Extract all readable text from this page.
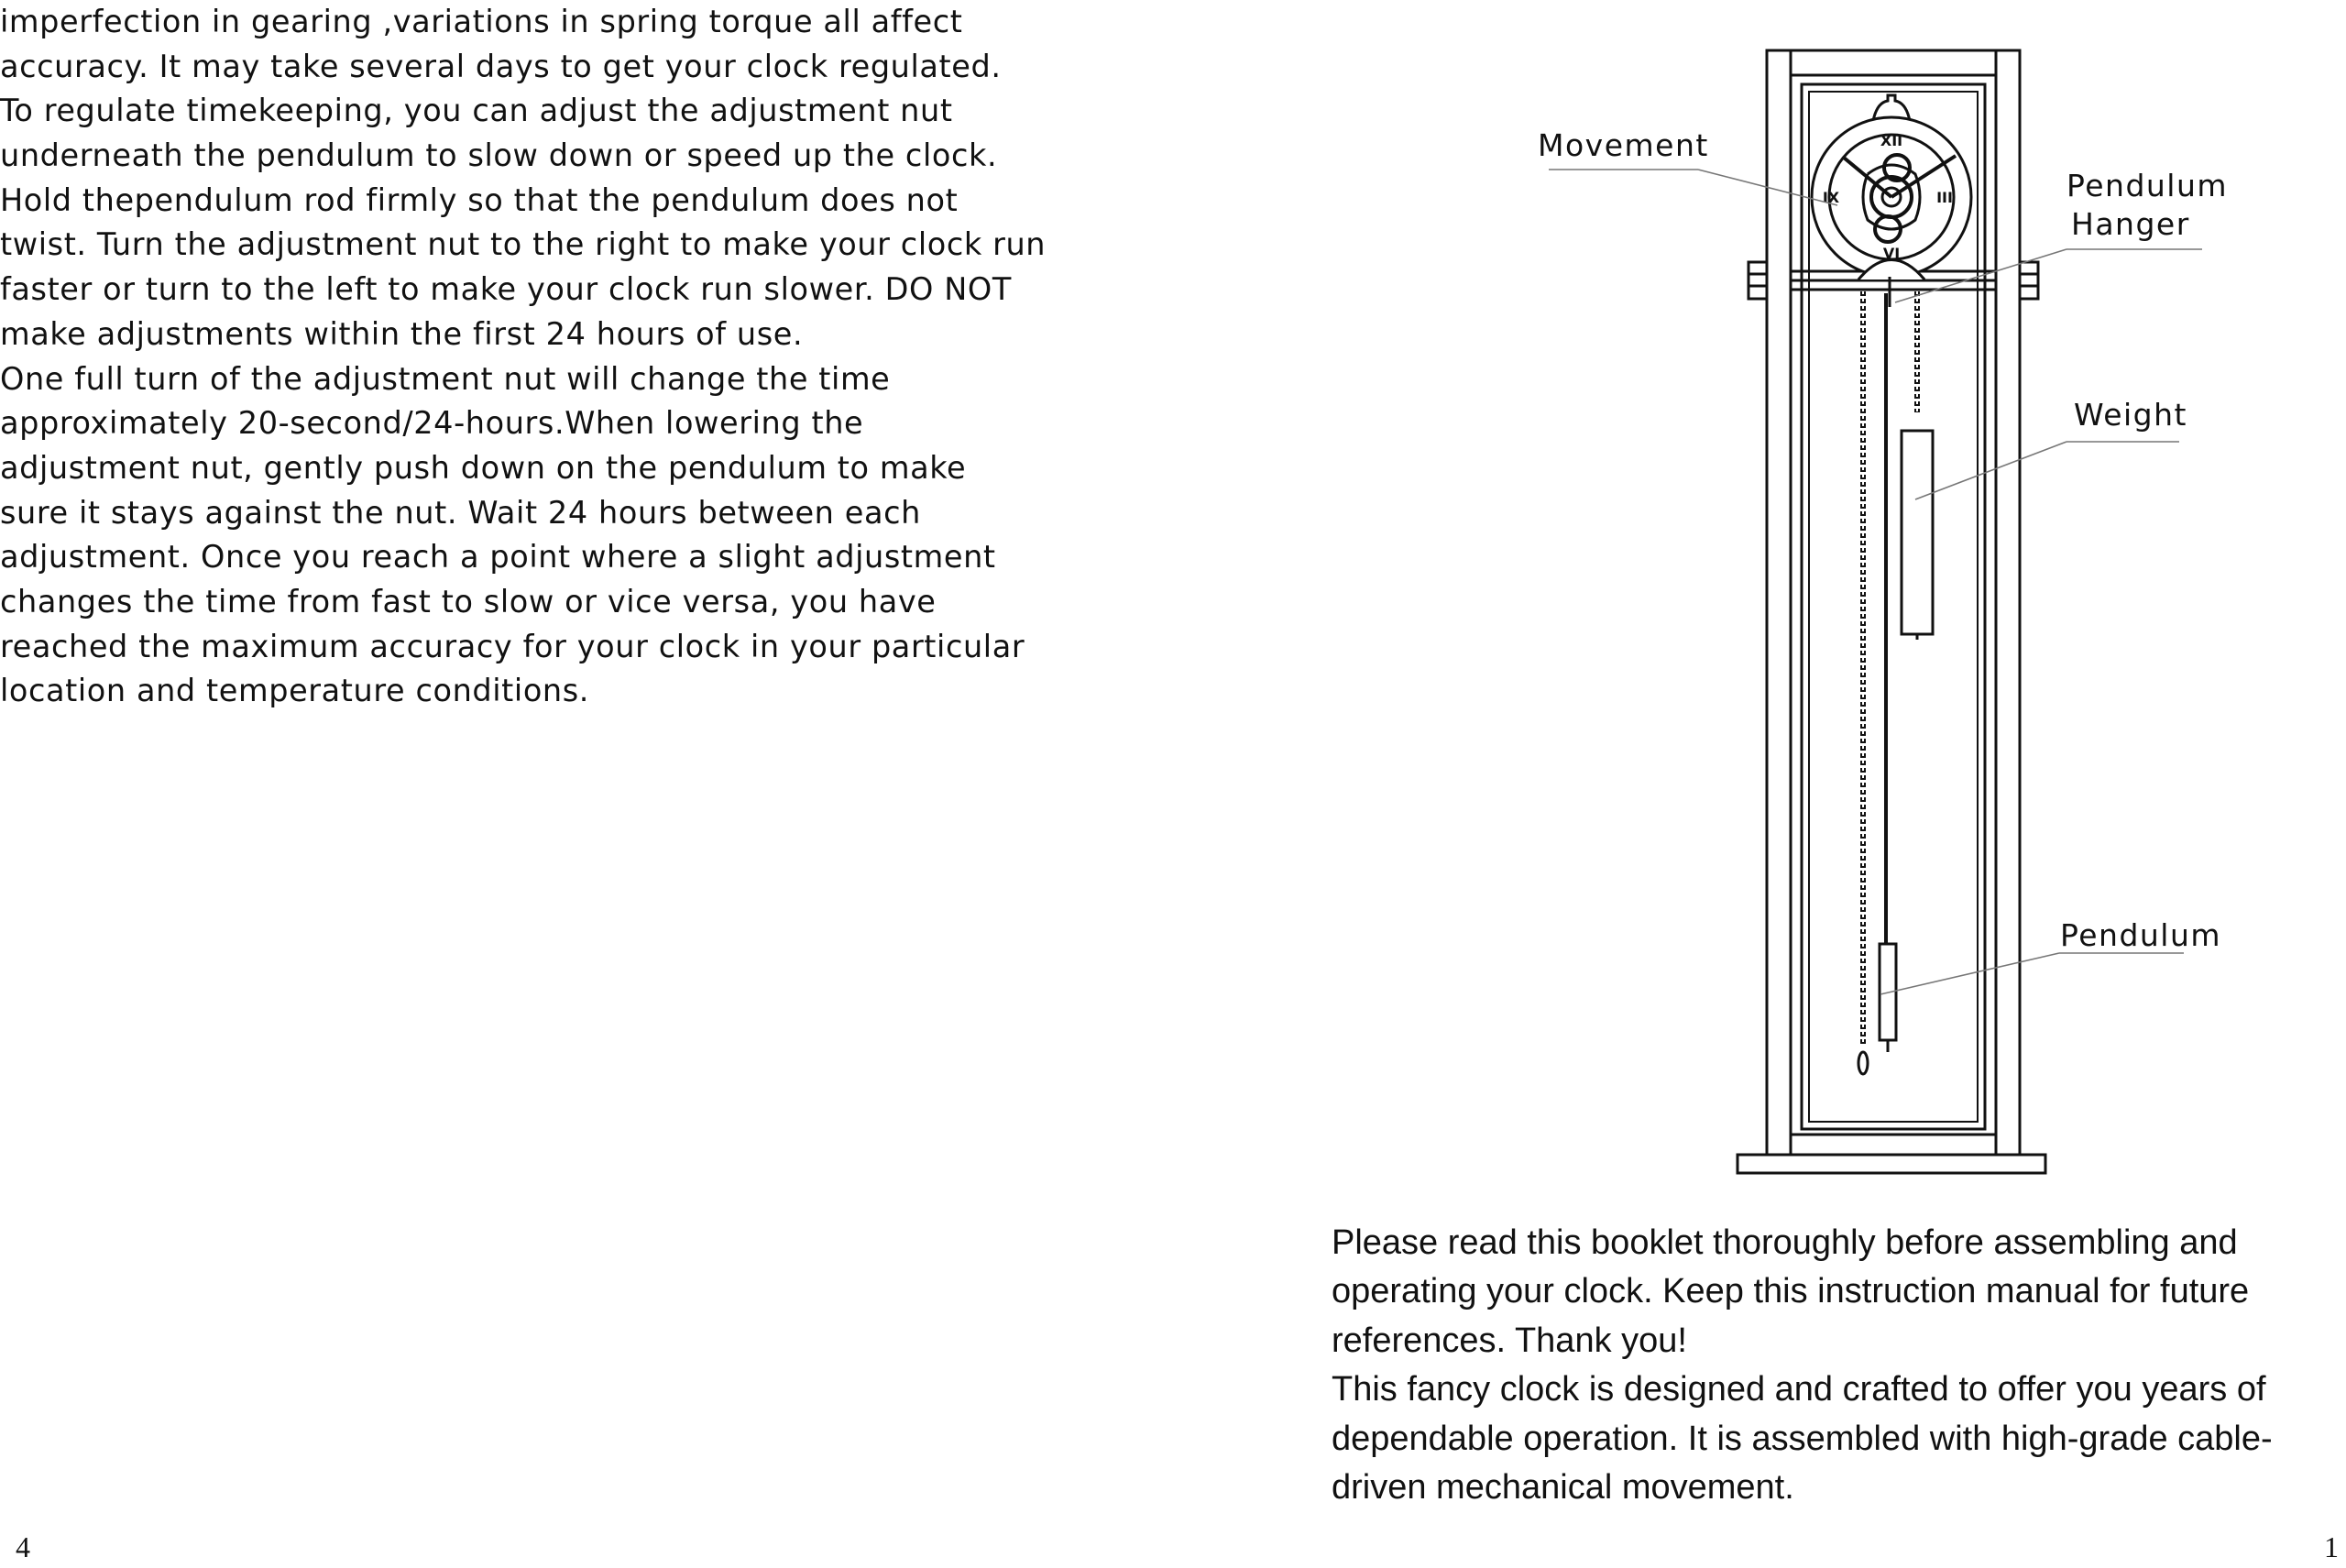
imperfection in gearing ,variations in spring torque all affect
accuracy. It may take several days to get your clock regulated.
To regulate timekeeping, you can adjust the adjustment nut
underneath the pendulum to slow down or speed up the clock.
Hold thependulum rod firmly so that the pendulum does not
twist. Turn the adjustment nut to the right to make your clock run
faster or turn to the left to make your clock run slower. DO NOT
make adjustments within the first 24 hours of use.
One full turn of the adjustment nut will change the time
approximately 20-second/24-hours.When lowering the
adjustment nut, gently push down on the pendulum to make
sure it stays against the nut. Wait 24 hours between each
adjustment. Once you reach a point where a slight adjustment
changes the time from fast to slow or vice versa, you have
reached the maximum accuracy for your clock in your particular
location and temperature conditions.
XII
III
VI
IX
Movement
Pendulum
Hanger
Weight
Pendulum
Please read this booklet thoroughly before assembling and
operating your clock. Keep this instruction manual for future
references. Thank you!
This fancy clock is designed and crafted to offer you years of
dependable operation. It is assembled with high-grade cable-
driven mechanical movement.
4	1
